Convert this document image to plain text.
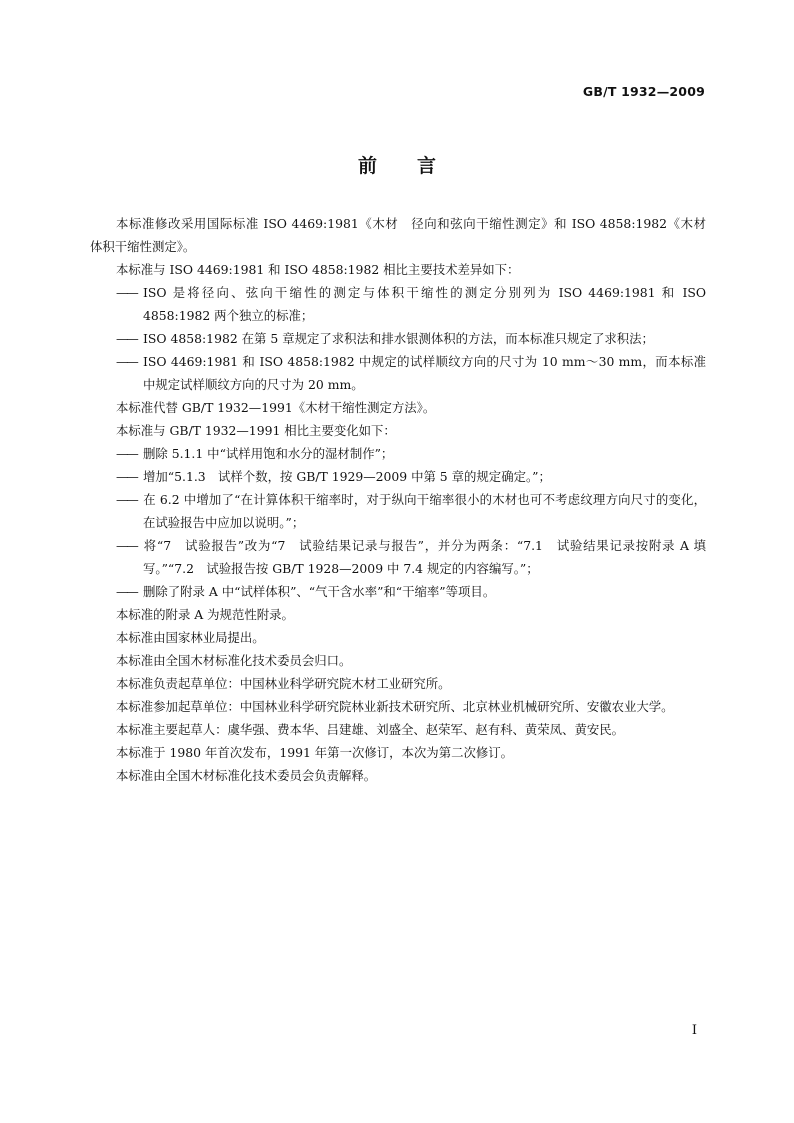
GB/T 1932—2009
前 言

本标准修改采用国际标准 ISO 4469:1981《木材　径向和弦向干缩性测定》和 ISO 4858:1982《木材　体积干缩性测定》。

本标准与 ISO 4469:1981 和 ISO 4858:1982 相比主要技术差异如下：

—— ISO 是将径向、弦向干缩性的测定与体积干缩性的测定分别列为 ISO 4469:1981 和 ISO 4858:1982 两个独立的标准；

—— ISO 4858:1982 在第 5 章规定了求积法和排水银测体积的方法，而本标准只规定了求积法；

—— ISO 4469:1981 和 ISO 4858:1982 中规定的试样顺纹方向的尺寸为 10 mm～30 mm，而本标准中规定试样顺纹方向的尺寸为 20 mm。

本标准代替 GB/T 1932—1991《木材干缩性测定方法》。

本标准与 GB/T 1932—1991 相比主要变化如下：

—— 删除 5.1.1 中“试样用饱和水分的湿材制作”；

—— 增加“5.1.3　试样个数，按 GB/T 1929—2009 中第 5 章的规定确定。”；

—— 在 6.2 中增加了“在计算体积干缩率时，对于纵向干缩率很小的木材也可不考虑纹理方向尺寸的变化，在试验报告中应加以说明。”；

—— 将“7　试验报告”改为“7　试验结果记录与报告”，并分为两条：“7.1　试验结果记录按附录 A 填写。”“7.2　试验报告按 GB/T 1928—2009 中 7.4 规定的内容编写。”；

—— 删除了附录 A 中“试样体积”、“气干含水率”和“干缩率”等项目。

本标准的附录 A 为规范性附录。

本标准由国家林业局提出。

本标准由全国木材标准化技术委员会归口。

本标准负责起草单位：中国林业科学研究院木材工业研究所。

本标准参加起草单位：中国林业科学研究院林业新技术研究所、北京林业机械研究所、安徽农业大学。

本标准主要起草人：虞华强、费本华、吕建雄、刘盛全、赵荣军、赵有科、黄荣凤、黄安民。

本标准于 1980 年首次发布，1991 年第一次修订，本次为第二次修订。

本标准由全国木材标准化技术委员会负责解释。

I
